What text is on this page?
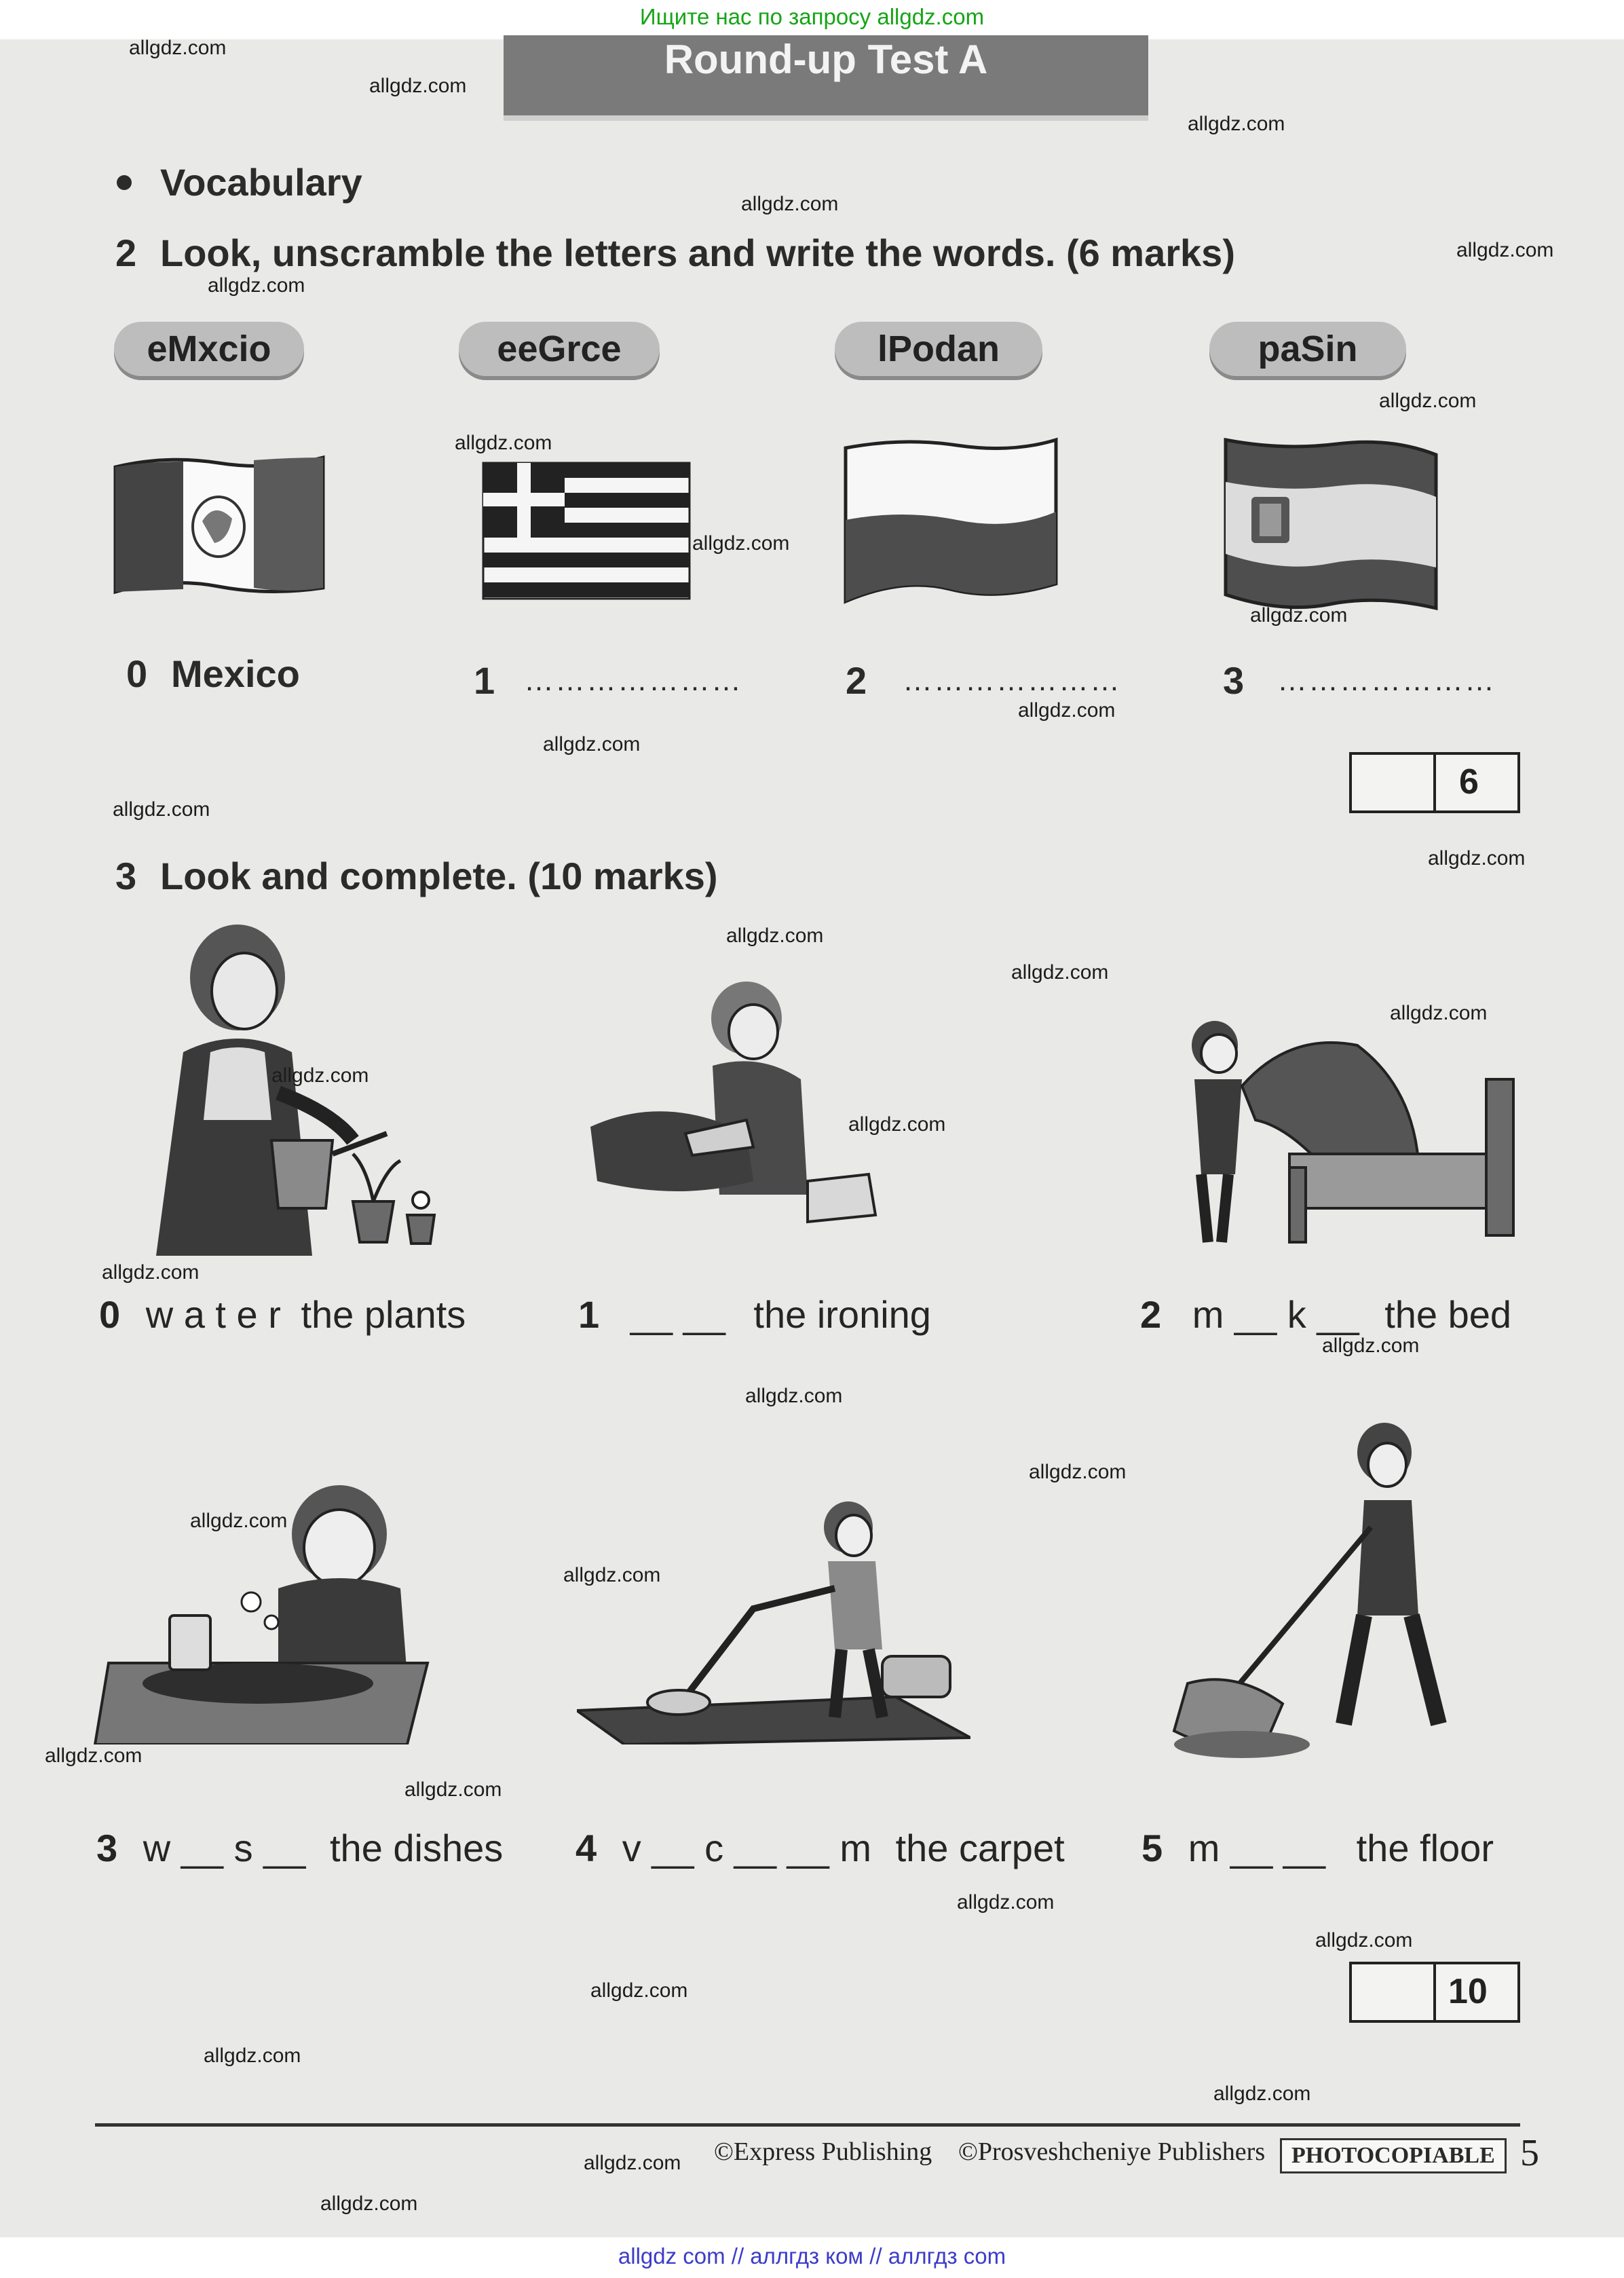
Ищите нас по запросу allgdz.com
Round-up Test A
Vocabulary
2 Look, unscramble the letters and write the words. (6 marks)
eMxcio	eeGrce	lPodan	paSin
0 Mexico	1 …………………	2 …………………	3 …………………
6
3 Look and complete. (10 marks)
0 w a t e r the plants	1 __ __ the ironing	2 m __ k __ the bed
3 w __ s __ the dishes 4 v __ c __ __ m the carpet 5 m __ __ the floor
10
©Express Publishing ©Prosveshcheniye Publishers	PHOTOCOPIABLE 5
allgdz.com
allgdz.com
allgdz.com
allgdz.com
allgdz.com
allgdz.com
allgdz.com
allgdz.com
allgdz.com
allgdz.com
allgdz.com
allgdz.com
allgdz.com
allgdz.com
allgdz.com
allgdz.com
allgdz.com
allgdz.com
allgdz.com
allgdz.com
allgdz.com
allgdz.com
allgdz.com
allgdz.com
allgdz.com
allgdz.com
allgdz.com
allgdz.com
allgdz.com
allgdz.com
allgdz.com
allgdz.com
allgdz.com
allgdz.com
allgdz com // аллгдз ком // аллгдз com
